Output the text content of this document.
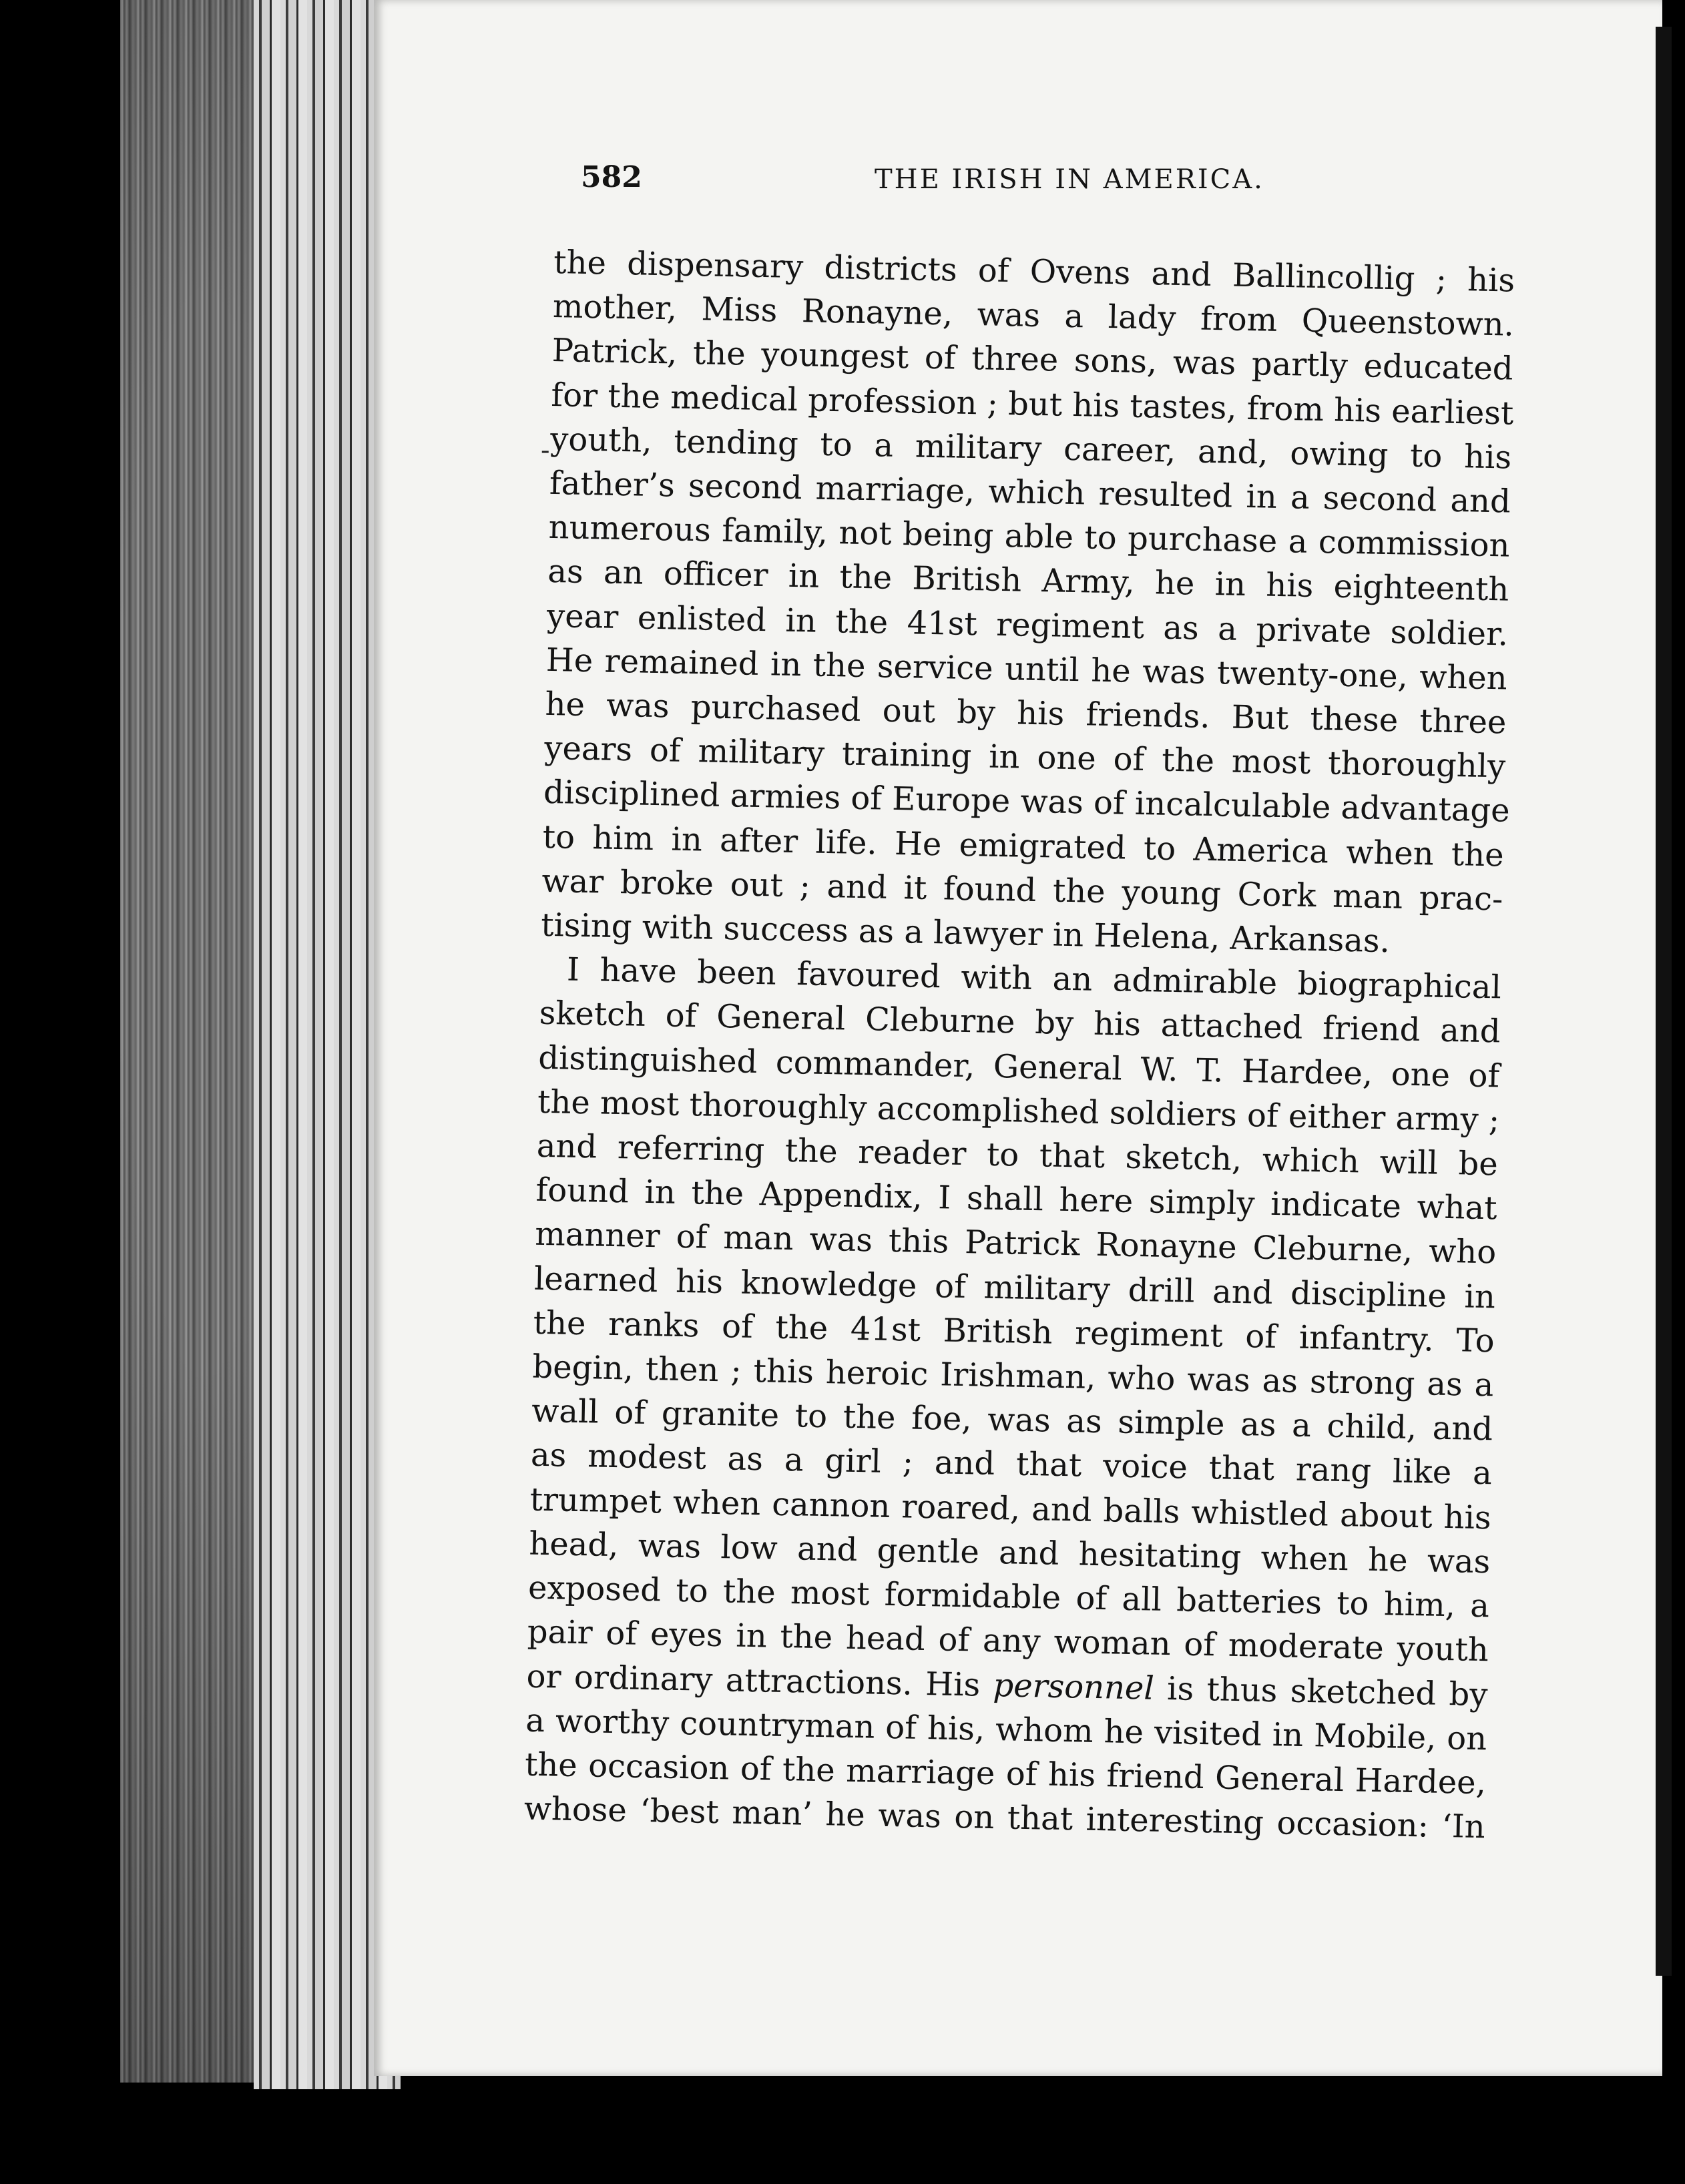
582	THE IRISH IN AMERICA.
-

the dispensary districts of Ovens and Ballincollig ; his
mother, Miss Ronayne, was a lady from Queenstown.
Patrick, the youngest of three sons, was partly educated
for the medical profession ; but his tastes, from his earliest
youth, tending to a military career, and, owing to his
father’s second marriage, which resulted in a second and
numerous family, not being able to purchase a commission
as an officer in the British Army, he in his eighteenth
year enlisted in the 41st regiment as a private soldier.
He remained in the service until he was twenty-one, when
he was purchased out by his friends. But these three
years of military training in one of the most thoroughly
disciplined armies of Europe was of incalculable advantage
to him in after life. He emigrated to America when the
war broke out ; and it found the young Cork man prac-
tising with success as a lawyer in Helena, Arkansas.

I have been favoured with an admirable biographical
sketch of General Cleburne by his attached friend and
distinguished commander, General W. T. Hardee, one of
the most thoroughly accomplished soldiers of either army ;
and referring the reader to that sketch, which will be
found in the Appendix, I shall here simply indicate what
manner of man was this Patrick Ronayne Cleburne, who
learned his knowledge of military drill and discipline in
the ranks of the 41st British regiment of infantry. To
begin, then ; this heroic Irishman, who was as strong as a
wall of granite to the foe, was as simple as a child, and
as modest as a girl ; and that voice that rang like a
trumpet when cannon roared, and balls whistled about his
head, was low and gentle and hesitating when he was
exposed to the most formidable of all batteries to him, a
pair of eyes in the head of any woman of moderate youth
or ordinary attractions. His personnel is thus sketched by
a worthy countryman of his, whom he visited in Mobile, on
the occasion of the marriage of his friend General Hardee,
whose ‘best man’ he was on that interesting occasion: ‘In
